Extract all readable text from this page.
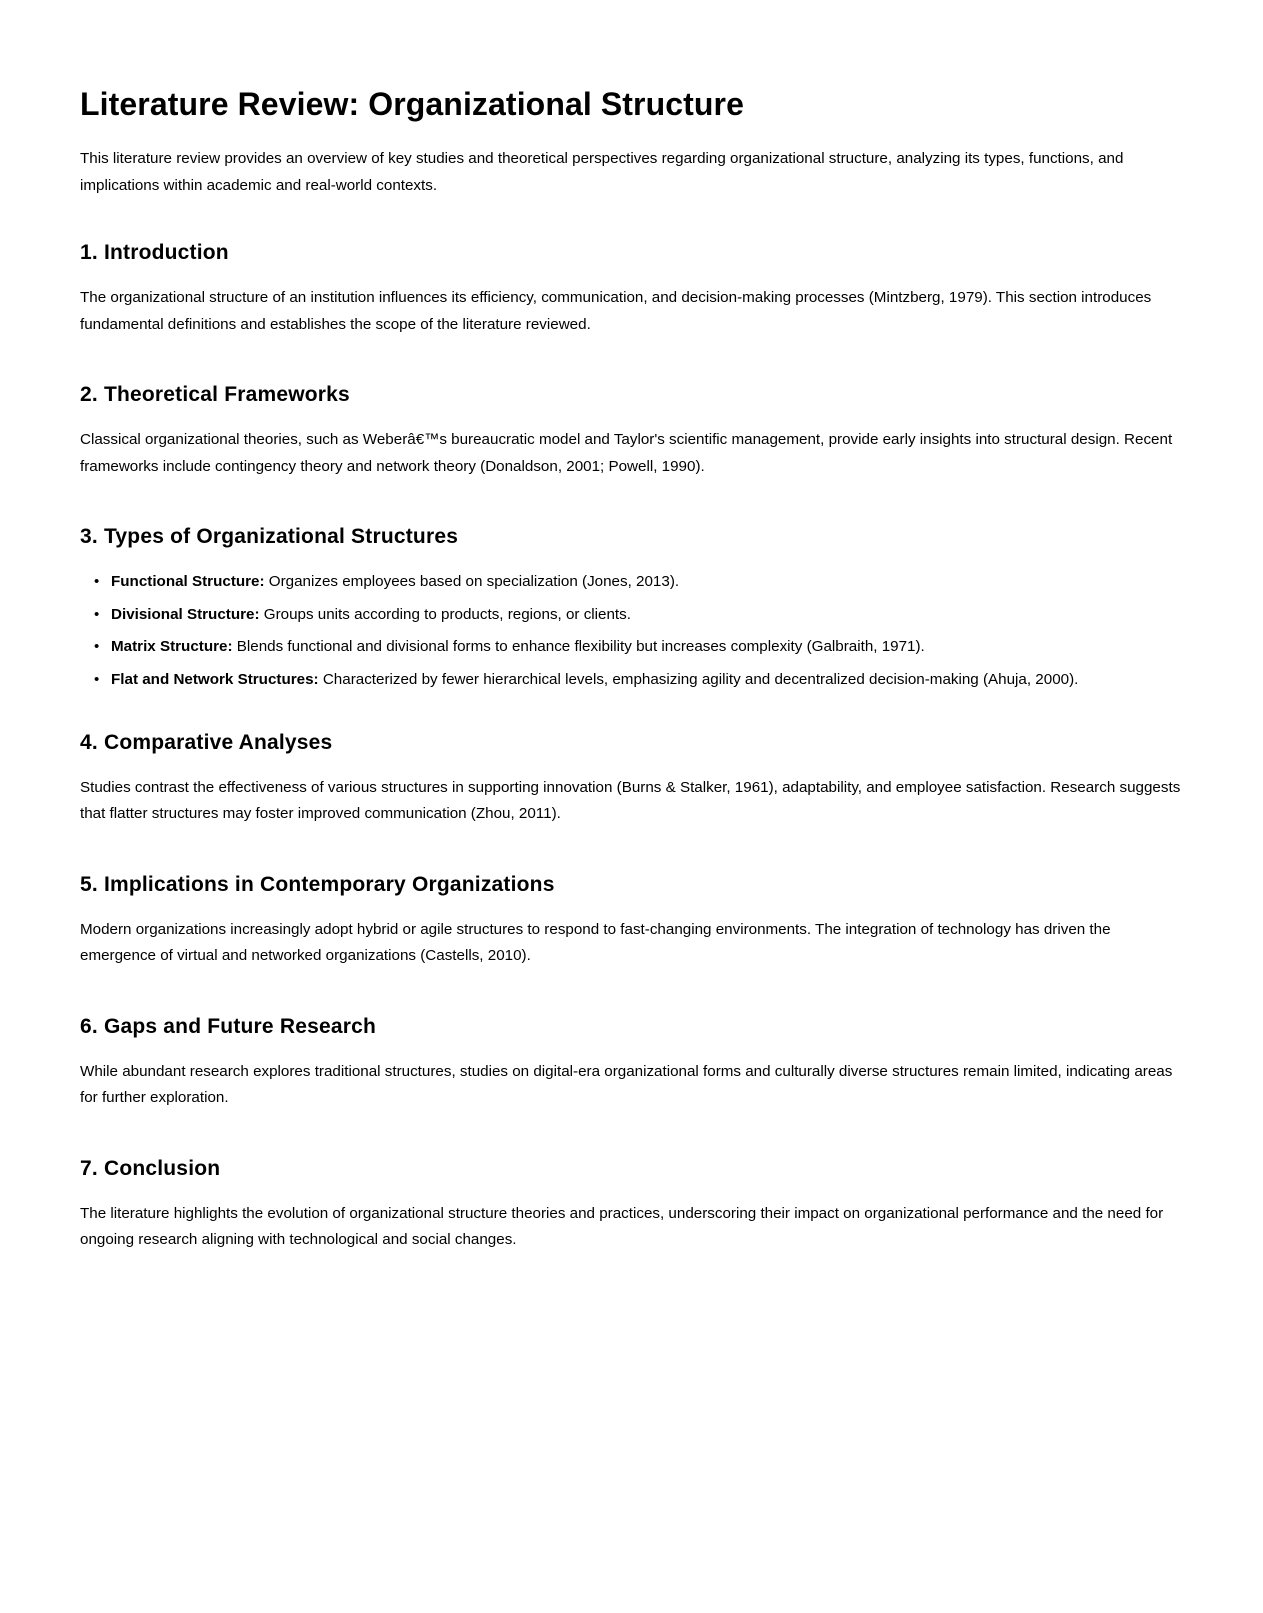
Literature Review: Organizational Structure

This literature review provides an overview of key studies and theoretical perspectives regarding organizational structure, analyzing its types, functions, and implications within academic and real-world contexts.

1. Introduction

The organizational structure of an institution influences its efficiency, communication, and decision-making processes (Mintzberg, 1979). This section introduces fundamental definitions and establishes the scope of the literature reviewed.

2. Theoretical Frameworks

Classical organizational theories, such as Weberâ€™s bureaucratic model and Taylor's scientific management, provide early insights into structural design. Recent frameworks include contingency theory and network theory (Donaldson, 2001; Powell, 1990).

3. Types of Organizational Structures
• Functional Structure: Organizes employees based on specialization (Jones, 2013).
• Divisional Structure: Groups units according to products, regions, or clients.
• Matrix Structure: Blends functional and divisional forms to enhance flexibility but increases complexity (Galbraith, 1971).
• Flat and Network Structures: Characterized by fewer hierarchical levels, emphasizing agility and decentralized decision-making (Ahuja, 2000).
4. Comparative Analyses

Studies contrast the effectiveness of various structures in supporting innovation (Burns & Stalker, 1961), adaptability, and employee satisfaction. Research suggests that flatter structures may foster improved communication (Zhou, 2011).

5. Implications in Contemporary Organizations

Modern organizations increasingly adopt hybrid or agile structures to respond to fast-changing environments. The integration of technology has driven the emergence of virtual and networked organizations (Castells, 2010).

6. Gaps and Future Research

While abundant research explores traditional structures, studies on digital-era organizational forms and culturally diverse structures remain limited, indicating areas for further exploration.

7. Conclusion

The literature highlights the evolution of organizational structure theories and practices, underscoring their impact on organizational performance and the need for ongoing research aligning with technological and social changes.
